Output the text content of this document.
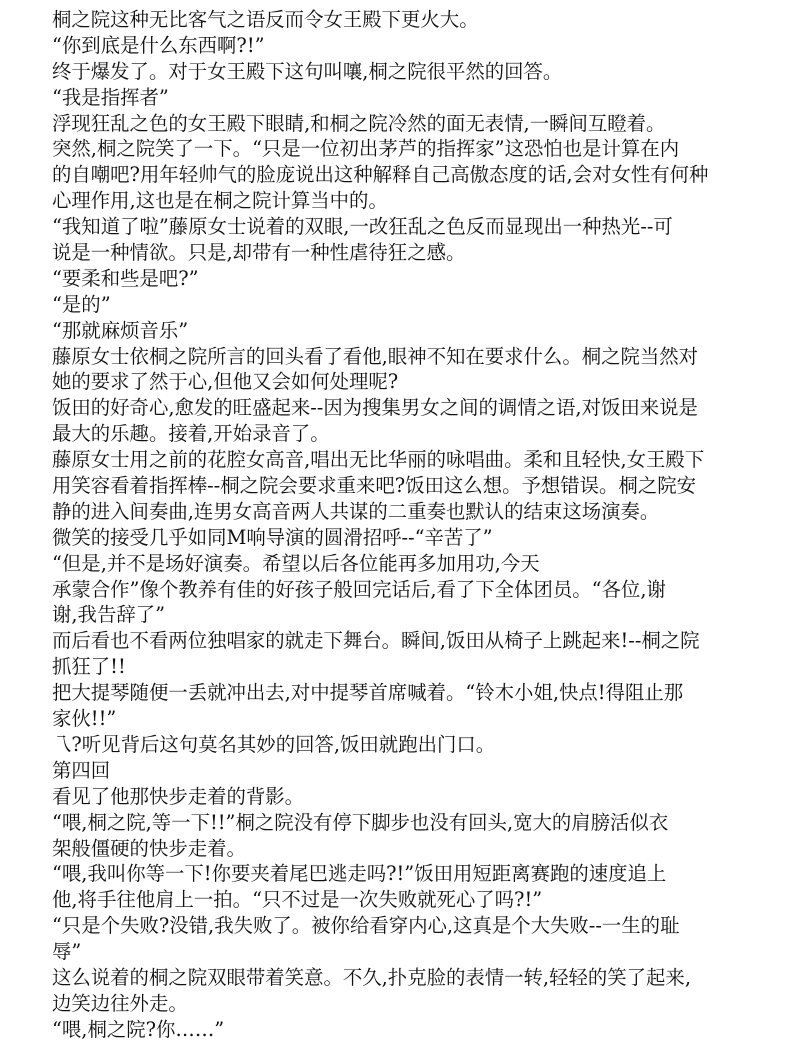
桐之院这种无比客气之语反而令女王殿下更火大。
“你到底是什么东西啊?!”
终于爆发了。对于女王殿下这句叫嚷,桐之院很平然的回答。
“我是指挥者”
浮现狂乱之色的女王殿下眼睛,和桐之院冷然的面无表情,一瞬间互瞪着。
突然,桐之院笑了一下。“只是一位初出茅芦的指挥家”这恐怕也是计算在内
的自嘲吧?用年轻帅气的脸庞说出这种解释自己高傲态度的话,会对女性有何种
心理作用,这也是在桐之院计算当中的。
“我知道了啦”藤原女士说着的双眼,一改狂乱之色反而显现出一种热光--可
说是一种情欲。只是,却带有一种性虐待狂之感。
“要柔和些是吧?”
“是的”
“那就麻烦音乐”
藤原女士依桐之院所言的回头看了看他,眼神不知在要求什么。桐之院当然对
她的要求了然于心,但他又会如何处理呢?
饭田的好奇心,愈发的旺盛起来--因为搜集男女之间的调情之语,对饭田来说是
最大的乐趣。接着,开始录音了。
藤原女士用之前的花腔女高音,唱出无比华丽的咏唱曲。柔和且轻快,女王殿下
用笑容看着指挥棒--桐之院会要求重来吧?饭田这么想。予想错误。桐之院安
静的进入间奏曲,连男女高音两人共谋的二重奏也默认的结束这场演奏。
微笑的接受几乎如同M响导演的圆滑招呼--“辛苦了”
“但是,并不是场好演奏。希望以后各位能再多加用功,今天
承蒙合作”像个教养有佳的好孩子般回完话后,看了下全体团员。“各位,谢
谢,我告辞了”
而后看也不看两位独唱家的就走下舞台。瞬间,饭田从椅子上跳起来!--桐之院
抓狂了!!
把大提琴随便一丢就冲出去,对中提琴首席喊着。“铃木小姐,快点!得阻止那
家伙!!”
乁?听见背后这句莫名其妙的回答,饭田就跑出门口。
第四回
看见了他那快步走着的背影。
“喂,桐之院,等一下!!”桐之院没有停下脚步也没有回头,宽大的肩膀活似衣
架般僵硬的快步走着。
“喂,我叫你等一下!你要夹着尾巴逃走吗?!”饭田用短距离赛跑的速度追上
他,将手往他肩上一拍。“只不过是一次失败就死心了吗?!”
“只是个失败?没错,我失败了。被你给看穿内心,这真是个大失败--一生的耻
辱”
这么说着的桐之院双眼带着笑意。不久,扑克脸的表情一转,轻轻的笑了起来,
边笑边往外走。
“喂,桐之院?你……”
